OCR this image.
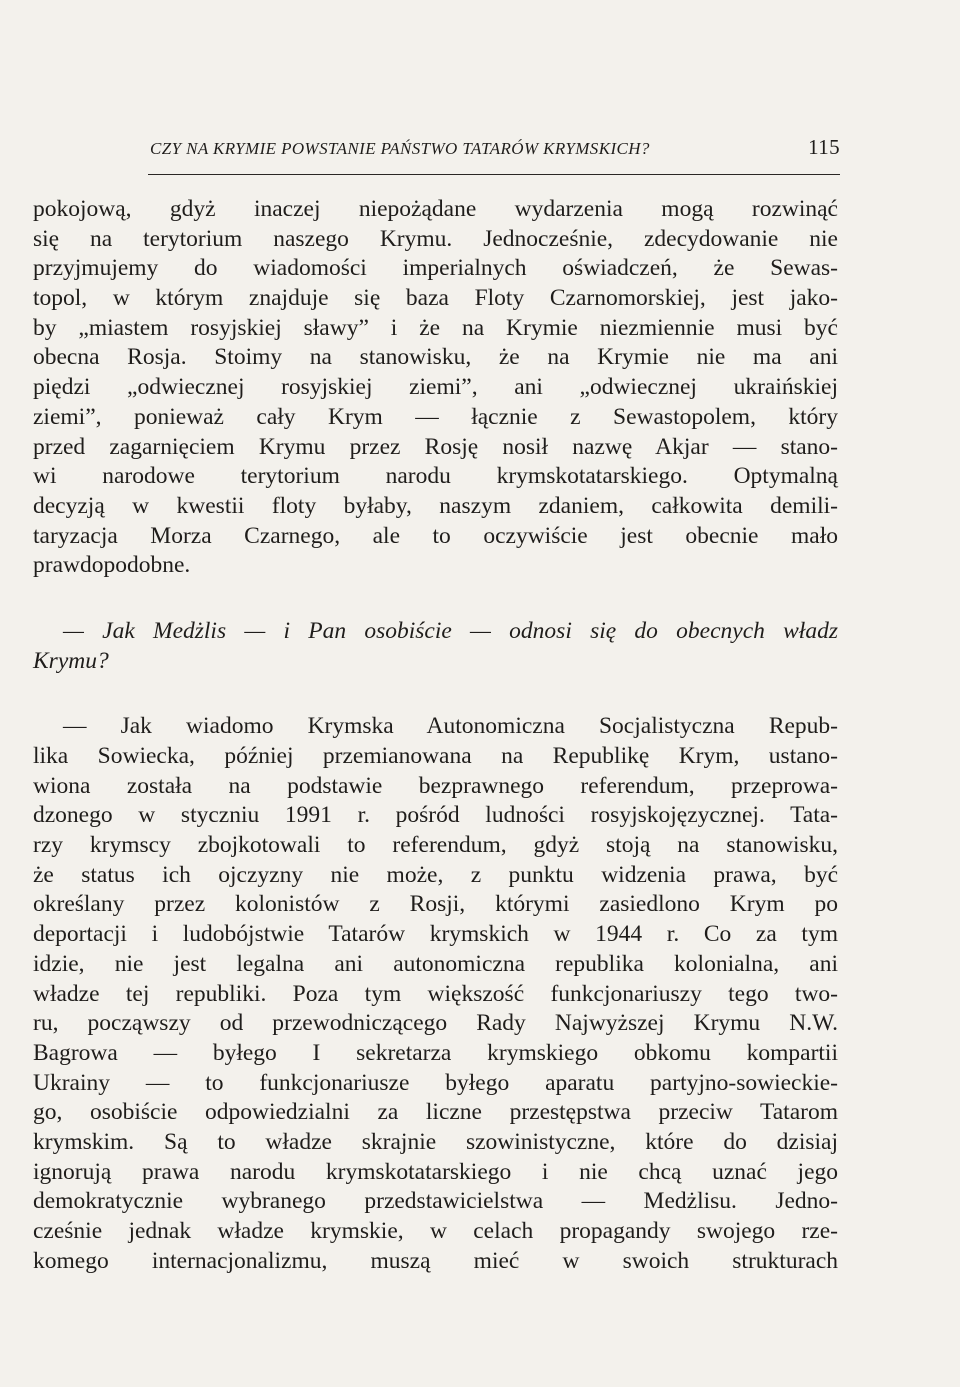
CZY NA KRYMIE POWSTANIE PAŃSTWO TATARÓW KRYMSKICH?	115
pokojową, gdyż inaczej niepożądane wydarzenia mogą rozwinąć
się na terytorium naszego Krymu. Jednocześnie, zdecydowanie nie
przyjmujemy do wiadomości imperialnych oświadczeń, że Sewas-
topol, w którym znajduje się baza Floty Czarnomorskiej, jest jako-
by „miastem rosyjskiej sławy” i że na Krymie niezmiennie musi być
obecna Rosja. Stoimy na stanowisku, że na Krymie nie ma ani
piędzi „odwiecznej rosyjskiej ziemi”, ani „odwiecznej ukraińskiej
ziemi”, ponieważ cały Krym — łącznie z Sewastopolem, który
przed zagarnięciem Krymu przez Rosję nosił nazwę Akjar — stano-
wi narodowe terytorium narodu krymskotatarskiego. Optymalną
decyzją w kwestii floty byłaby, naszym zdaniem, całkowita demili-
taryzacja Morza Czarnego, ale to oczywiście jest obecnie mało
prawdopodobne.
— Jak Medżlis — i Pan osobiście — odnosi się do obecnych władz
Krymu?
— Jak wiadomo Krymska Autonomiczna Socjalistyczna Repub-
lika Sowiecka, później przemianowana na Republikę Krym, ustano-
wiona została na podstawie bezprawnego referendum, przeprowa-
dzonego w styczniu 1991 r. pośród ludności rosyjskojęzycznej. Tata-
rzy krymscy zbojkotowali to referendum, gdyż stoją na stanowisku,
że status ich ojczyzny nie może, z punktu widzenia prawa, być
określany przez kolonistów z Rosji, którymi zasiedlono Krym po
deportacji i ludobójstwie Tatarów krymskich w 1944 r. Co za tym
idzie, nie jest legalna ani autonomiczna republika kolonialna, ani
władze tej republiki. Poza tym większość funkcjonariuszy tego two-
ru, począwszy od przewodniczącego Rady Najwyższej Krymu N.W.
Bagrowa — byłego I sekretarza krymskiego obkomu kompartii
Ukrainy — to funkcjonariusze byłego aparatu partyjno-sowieckie-
go, osobiście odpowiedzialni za liczne przestępstwa przeciw Tatarom
krymskim. Są to władze skrajnie szowinistyczne, które do dzisiaj
ignorują prawa narodu krymskotatarskiego i nie chcą uznać jego
demokratycznie wybranego przedstawicielstwa — Medżlisu. Jedno-
cześnie jednak władze krymskie, w celach propagandy swojego rze-
komego internacjonalizmu, muszą mieć w swoich strukturach
